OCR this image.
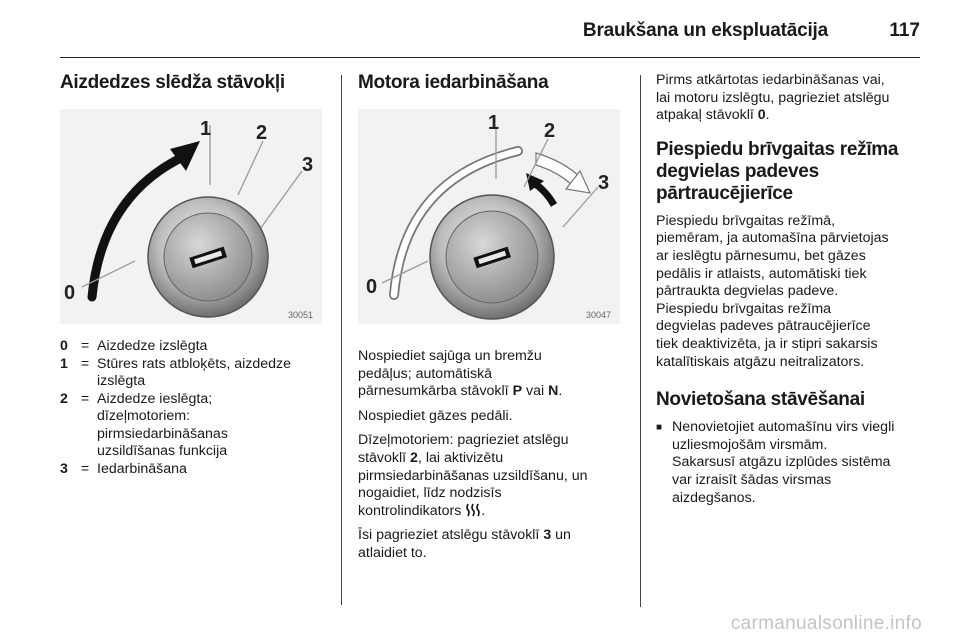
Braukšana un ekspluatācija	117
Aizdedzes slēdža stāvokļi
1 2
3
0
30051
0 = Aizdedze izslēgta
1 = Stūres rats atbloķēts, aizdedze
izslēgta
2 = Aizdedze ieslēgta;
dīzeļmotoriem:
pirmsiedarbināšanas
uzsildīšanas funkcija
3 = Iedarbināšana
Motora iedarbināšana
1 2
3
0
30047

Nospiediet sajūga un bremžu
pedāļus; automātiskā
pārnesumkārba stāvoklī P vai N.

Nospiediet gāzes pedāli.

Dīzeļmotoriem: pagrieziet atslēgu
stāvoklī 2, lai aktivizētu
pirmsiedarbināšanas uzsildīšanu, un
nogaidiet, līdz nodzisīs
kontrolindikators .

Īsi pagrieziet atslēgu stāvoklī 3 un
atlaidiet to.

Pirms atkārtotas iedarbināšanas vai,
lai motoru izslēgtu, pagrieziet atslēgu
atpakaļ stāvoklī 0.

Piespiedu brīvgaitas režīma
degvielas padeves
pārtraucējierīce

Piespiedu brīvgaitas režīmā,
piemēram, ja automašīna pārvietojas
ar ieslēgtu pārnesumu, bet gāzes
pedālis ir atlaists, automātiski tiek
pārtraukta degvielas padeve.
Piespiedu brīvgaitas režīma
degvielas padeves pātraucējierīce
tiek deaktivizēta, ja ir stipri sakarsis
katalītiskais atgāzu neitralizators.

Novietošana stāvēšanai
■ Nenovietojiet automašīnu virs viegli
uzliesmojošām virsmām.
Sakarsusī atgāzu izplūdes sistēma
var izraisīt šādas virsmas
aizdegšanos.
carmanualsonline.info
